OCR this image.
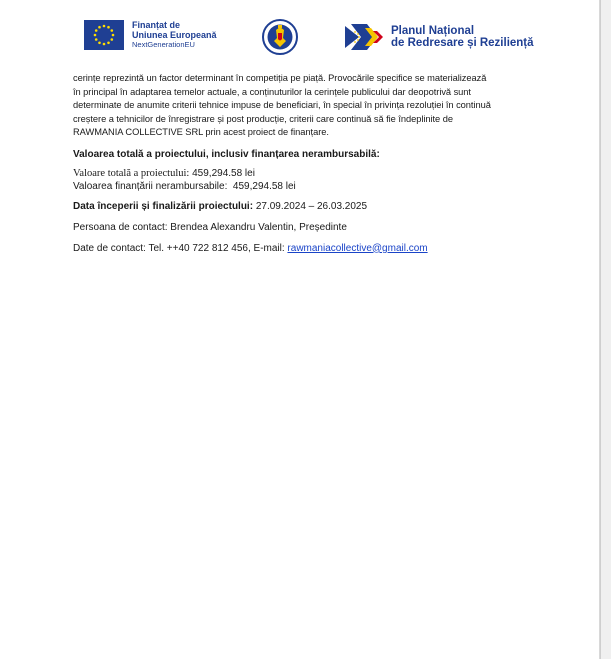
Finanțat de
Uniunea Europeană
NextGenerationEU
Planul Național
de Redresare și Reziliență

cerințe reprezintă un factor determinant în competiția pe piață. Provocările specifice se materializează
în principal în adaptarea temelor actuale, a conținuturilor la cerințele publicului dar deopotrivă sunt
determinate de anumite criterii tehnice impuse de beneficiari, în special în privința rezoluției în continuă
creștere a tehnicilor de înregistrare și post producție, criterii care continuă să fie îndeplinite de
RAWMANIA COLLECTIVE SRL prin acest proiect de finanțare.

Valoarea totală a proiectului, inclusiv finanțarea nerambursabilă:

Valoare totală a proiectului: 459,294.58 lei

Valoarea finanțării nerambursabile: 459,294.58 lei

Data începerii și finalizării proiectului: 27.09.2024 – 26.03.2025

Persoana de contact: Brendea Alexandru Valentin, Președinte

Date de contact: Tel. ++40 722 812 456, E-mail: rawmaniacollective@gmail.com
